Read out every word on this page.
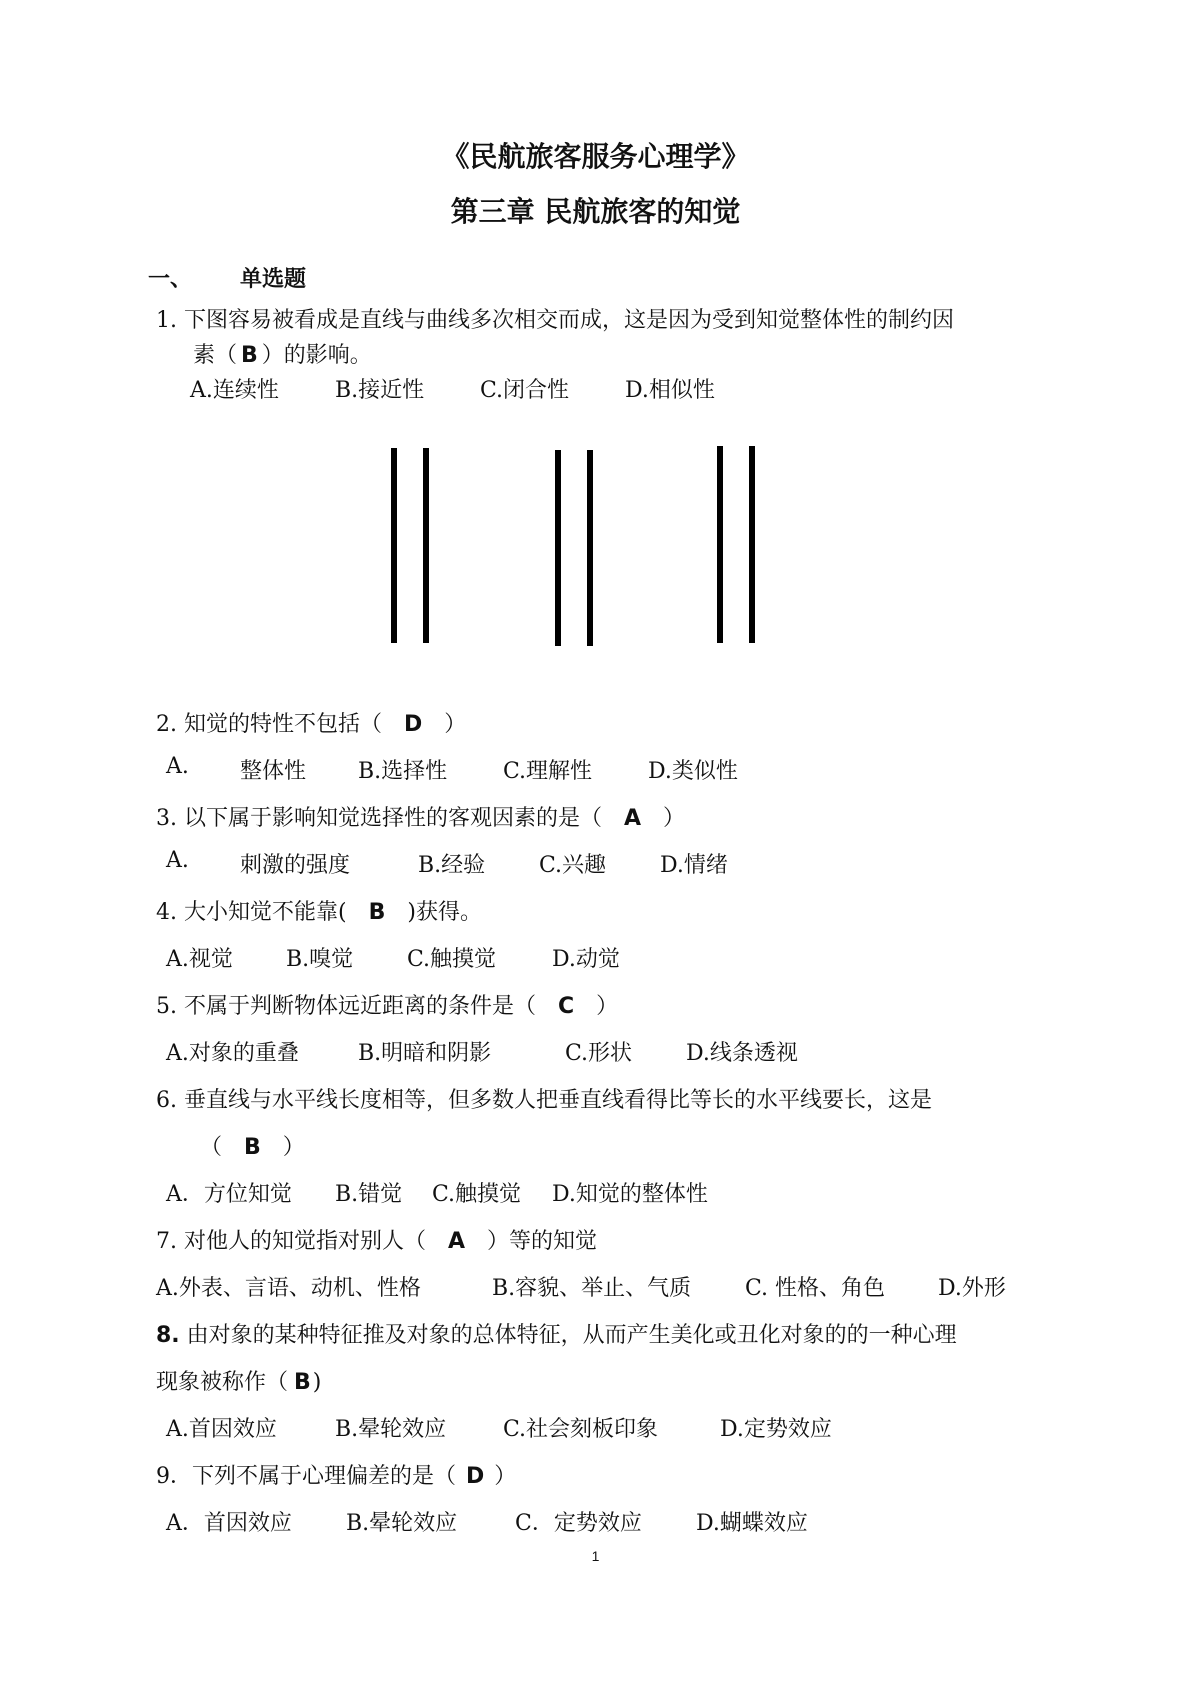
《民航旅客服务心理学》
第三章 民航旅客的知觉
一、 单选题
1. 下图容易被看成是直线与曲线多次相交而成，这是因为受到知觉整体性的制约因
素（ B ）的影响。
A.连续性	B.接近性	C.闭合性	D.相似性
2. 知觉的特性不包括（ D ）
A. 整体性 B.选择性	C.理解性	D.类似性
3. 以下属于影响知觉选择性的客观因素的是（ A ）
A. 刺激的强度	B.经验 C.兴趣 D.情绪
4. 大小知觉不能靠( B )获得。
A.视觉 B.嗅觉 C.触摸觉	D.动觉
5. 不属于判断物体远近距离的条件是（ C ）
A.对象的重叠	B.明暗和阴影	C.形状 D.线条透视
6. 垂直线与水平线长度相等，但多数人把垂直线看得比等长的水平线要长，这是
（ B ）
A．方位知觉 B.错觉 C.触摸觉 D.知觉的整体性
7. 对他人的知觉指对别人（ A ）等的知觉
A.外表、言语、动机、性格	B.容貌、举止、气质 C. 性格、角色 D.外形
8. 由对象的某种特征推及对象的总体特征，从而产生美化或丑化对象的的一种心理
现象被称作（ B)
A.首因效应	B.晕轮效应	C.社会刻板印象	D.定势效应
9．下列不属于心理偏差的是（ D ）
A．首因效应 B.晕轮效应	C．定势效应 D.蝴蝶效应
1
